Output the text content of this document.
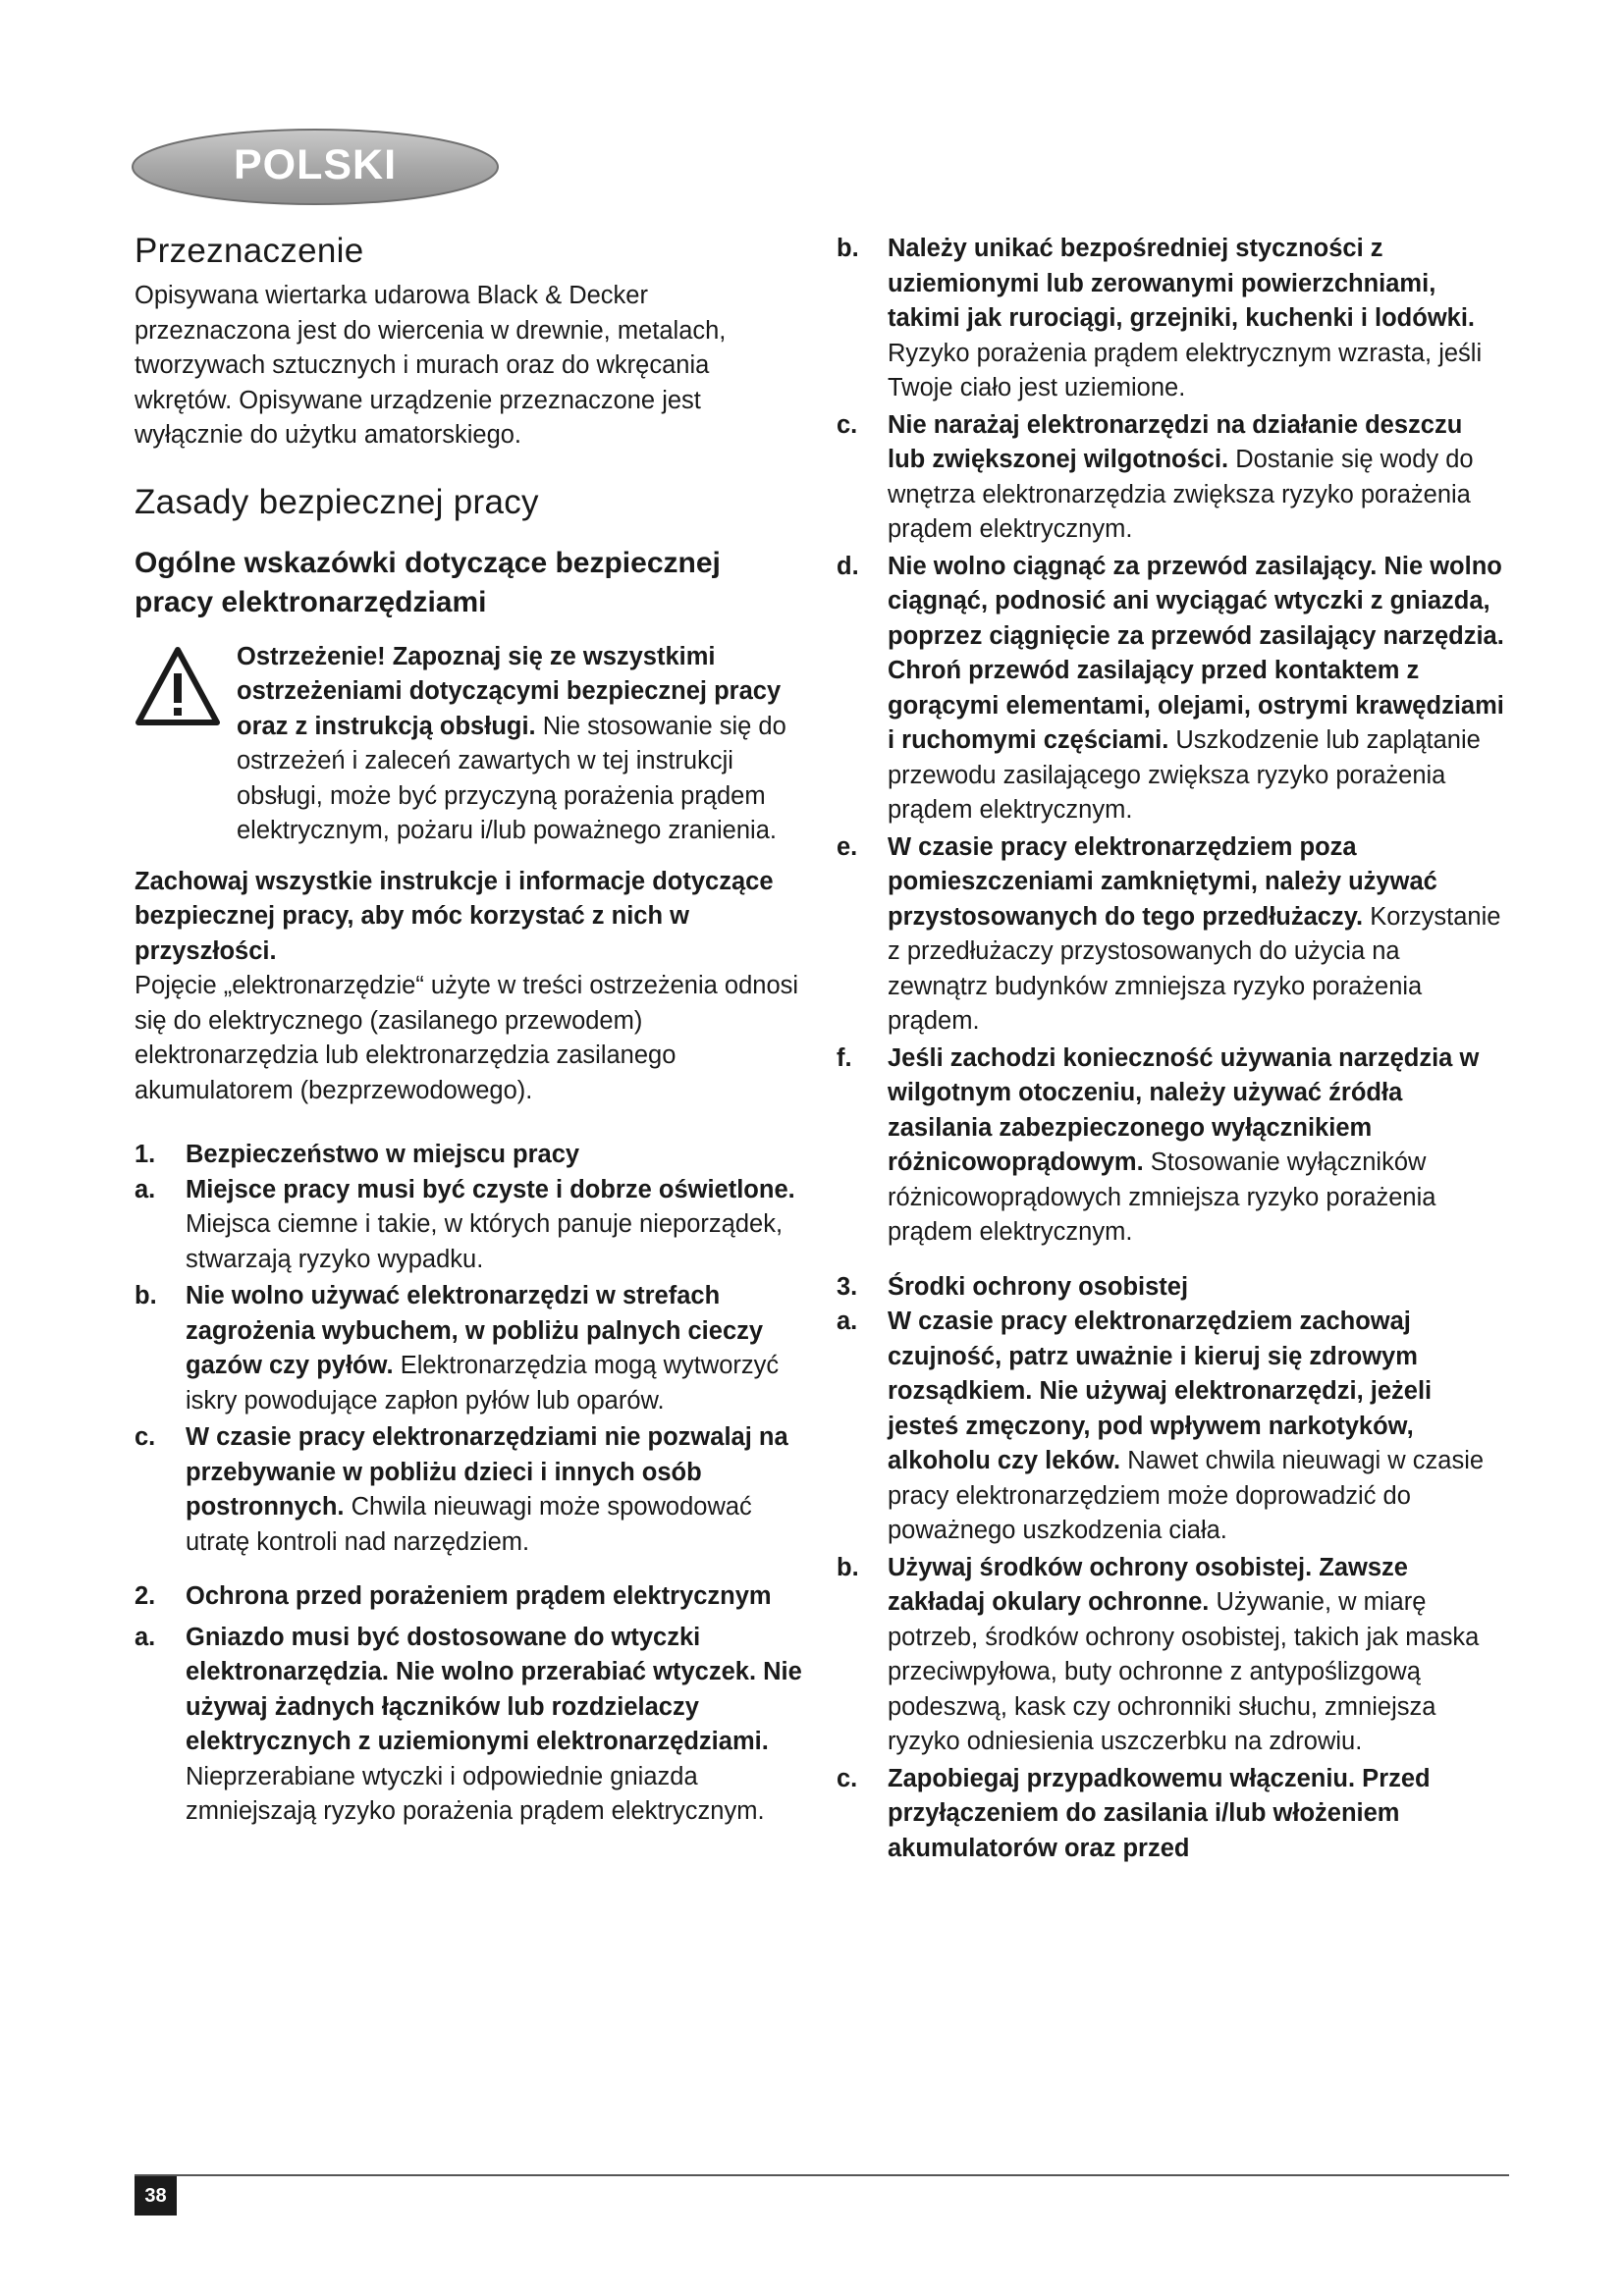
POLSKI
Przeznaczenie

Opisywana wiertarka udarowa Black & Decker przeznaczona jest do wiercenia w drewnie, metalach, tworzywach sztucznych i murach oraz do wkręcania wkrętów. Opisywane urządzenie przeznaczone jest wyłącznie do użytku amatorskiego.

Zasady bezpiecznej pracy
Ogólne wskazówki dotyczące bezpiecznej pracy elektronarzędziami

Ostrzeżenie! Zapoznaj się ze wszystkimi ostrzeżeniami dotyczącymi bezpiecznej pracy oraz z instrukcją obsługi. Nie stosowanie się do ostrzeżeń i zaleceń zawartych w tej instrukcji obsługi, może być przyczyną porażenia prądem elektrycznym, pożaru i/lub poważnego zranienia.

Zachowaj wszystkie instrukcje i informacje dotyczące bezpiecznej pracy, aby móc korzystać z nich w przyszłości.

Pojęcie „elektronarzędzie“ użyte w treści ostrzeżenia odnosi się do elektrycznego (zasilanego przewodem) elektronarzędzia lub elektronarzędzia zasilanego akumulatorem (bezprzewodowego).

1. Bezpieczeństwo w miejscu pracy
a. Miejsce pracy musi być czyste i dobrze oświetlone. Miejsca ciemne i takie, w których panuje nieporządek, stwarzają ryzyko wypadku.
b. Nie wolno używać elektronarzędzi w strefach zagrożenia wybuchem, w pobliżu palnych cieczy gazów czy pyłów. Elektronarzędzia mogą wytworzyć iskry powodujące zapłon pyłów lub oparów.
c. W czasie pracy elektronarzędziami nie pozwalaj na przebywanie w pobliżu dzieci i innych osób postronnych. Chwila nieuwagi może spowodować utratę kontroli nad narzędziem.
2. Ochrona przed porażeniem prądem elektrycznym
a. Gniazdo musi być dostosowane do wtyczki elektronarzędzia. Nie wolno przerabiać wtyczek. Nie używaj żadnych łączników lub rozdzielaczy elektrycznych z uziemionymi elektronarzędziami. Nieprzerabiane wtyczki i odpowiednie gniazda zmniejszają ryzyko porażenia prądem elektrycznym.
b. Należy unikać bezpośredniej styczności z uziemionymi lub zerowanymi powierzchniami, takimi jak rurociągi, grzejniki, kuchenki i lodówki. Ryzyko porażenia prądem elektrycznym wzrasta, jeśli Twoje ciało jest uziemione.
c. Nie narażaj elektronarzędzi na działanie deszczu lub zwiększonej wilgotności. Dostanie się wody do wnętrza elektronarzędzia zwiększa ryzyko porażenia prądem elektrycznym.
d. Nie wolno ciągnąć za przewód zasilający. Nie wolno ciągnąć, podnosić ani wyciągać wtyczki z gniazda, poprzez ciągnięcie za przewód zasilający narzędzia. Chroń przewód zasilający przed kontaktem z gorącymi elementami, olejami, ostrymi krawędziami i ruchomymi częściami. Uszkodzenie lub zaplątanie przewodu zasilającego zwiększa ryzyko porażenia prądem elektrycznym.
e. W czasie pracy elektronarzędziem poza pomieszczeniami zamkniętymi, należy używać przystosowanych do tego przedłużaczy. Korzystanie z przedłużaczy przystosowanych do użycia na zewnątrz budynków zmniejsza ryzyko porażenia prądem.
f. Jeśli zachodzi konieczność używania narzędzia w wilgotnym otoczeniu, należy używać źródła zasilania zabezpieczonego wyłącznikiem różnicowoprądowym. Stosowanie wyłączników różnicowoprądowych zmniejsza ryzyko porażenia prądem elektrycznym.
3. Środki ochrony osobistej
a. W czasie pracy elektronarzędziem zachowaj czujność, patrz uważnie i kieruj się zdrowym rozsądkiem. Nie używaj elektronarzędzi, jeżeli jesteś zmęczony, pod wpływem narkotyków, alkoholu czy leków. Nawet chwila nieuwagi w czasie pracy elektronarzędziem może doprowadzić do poważnego uszkodzenia ciała.
b. Używaj środków ochrony osobistej. Zawsze zakładaj okulary ochronne. Używanie, w miarę potrzeb, środków ochrony osobistej, takich jak maska przeciwpyłowa, buty ochronne z antypoślizgową podeszwą, kask czy ochronniki słuchu, zmniejsza ryzyko odniesienia uszczerbku na zdrowiu.
c. Zapobiegaj przypadkowemu włączeniu. Przed przyłączeniem do zasilania i/lub włożeniem akumulatorów oraz przed
38
